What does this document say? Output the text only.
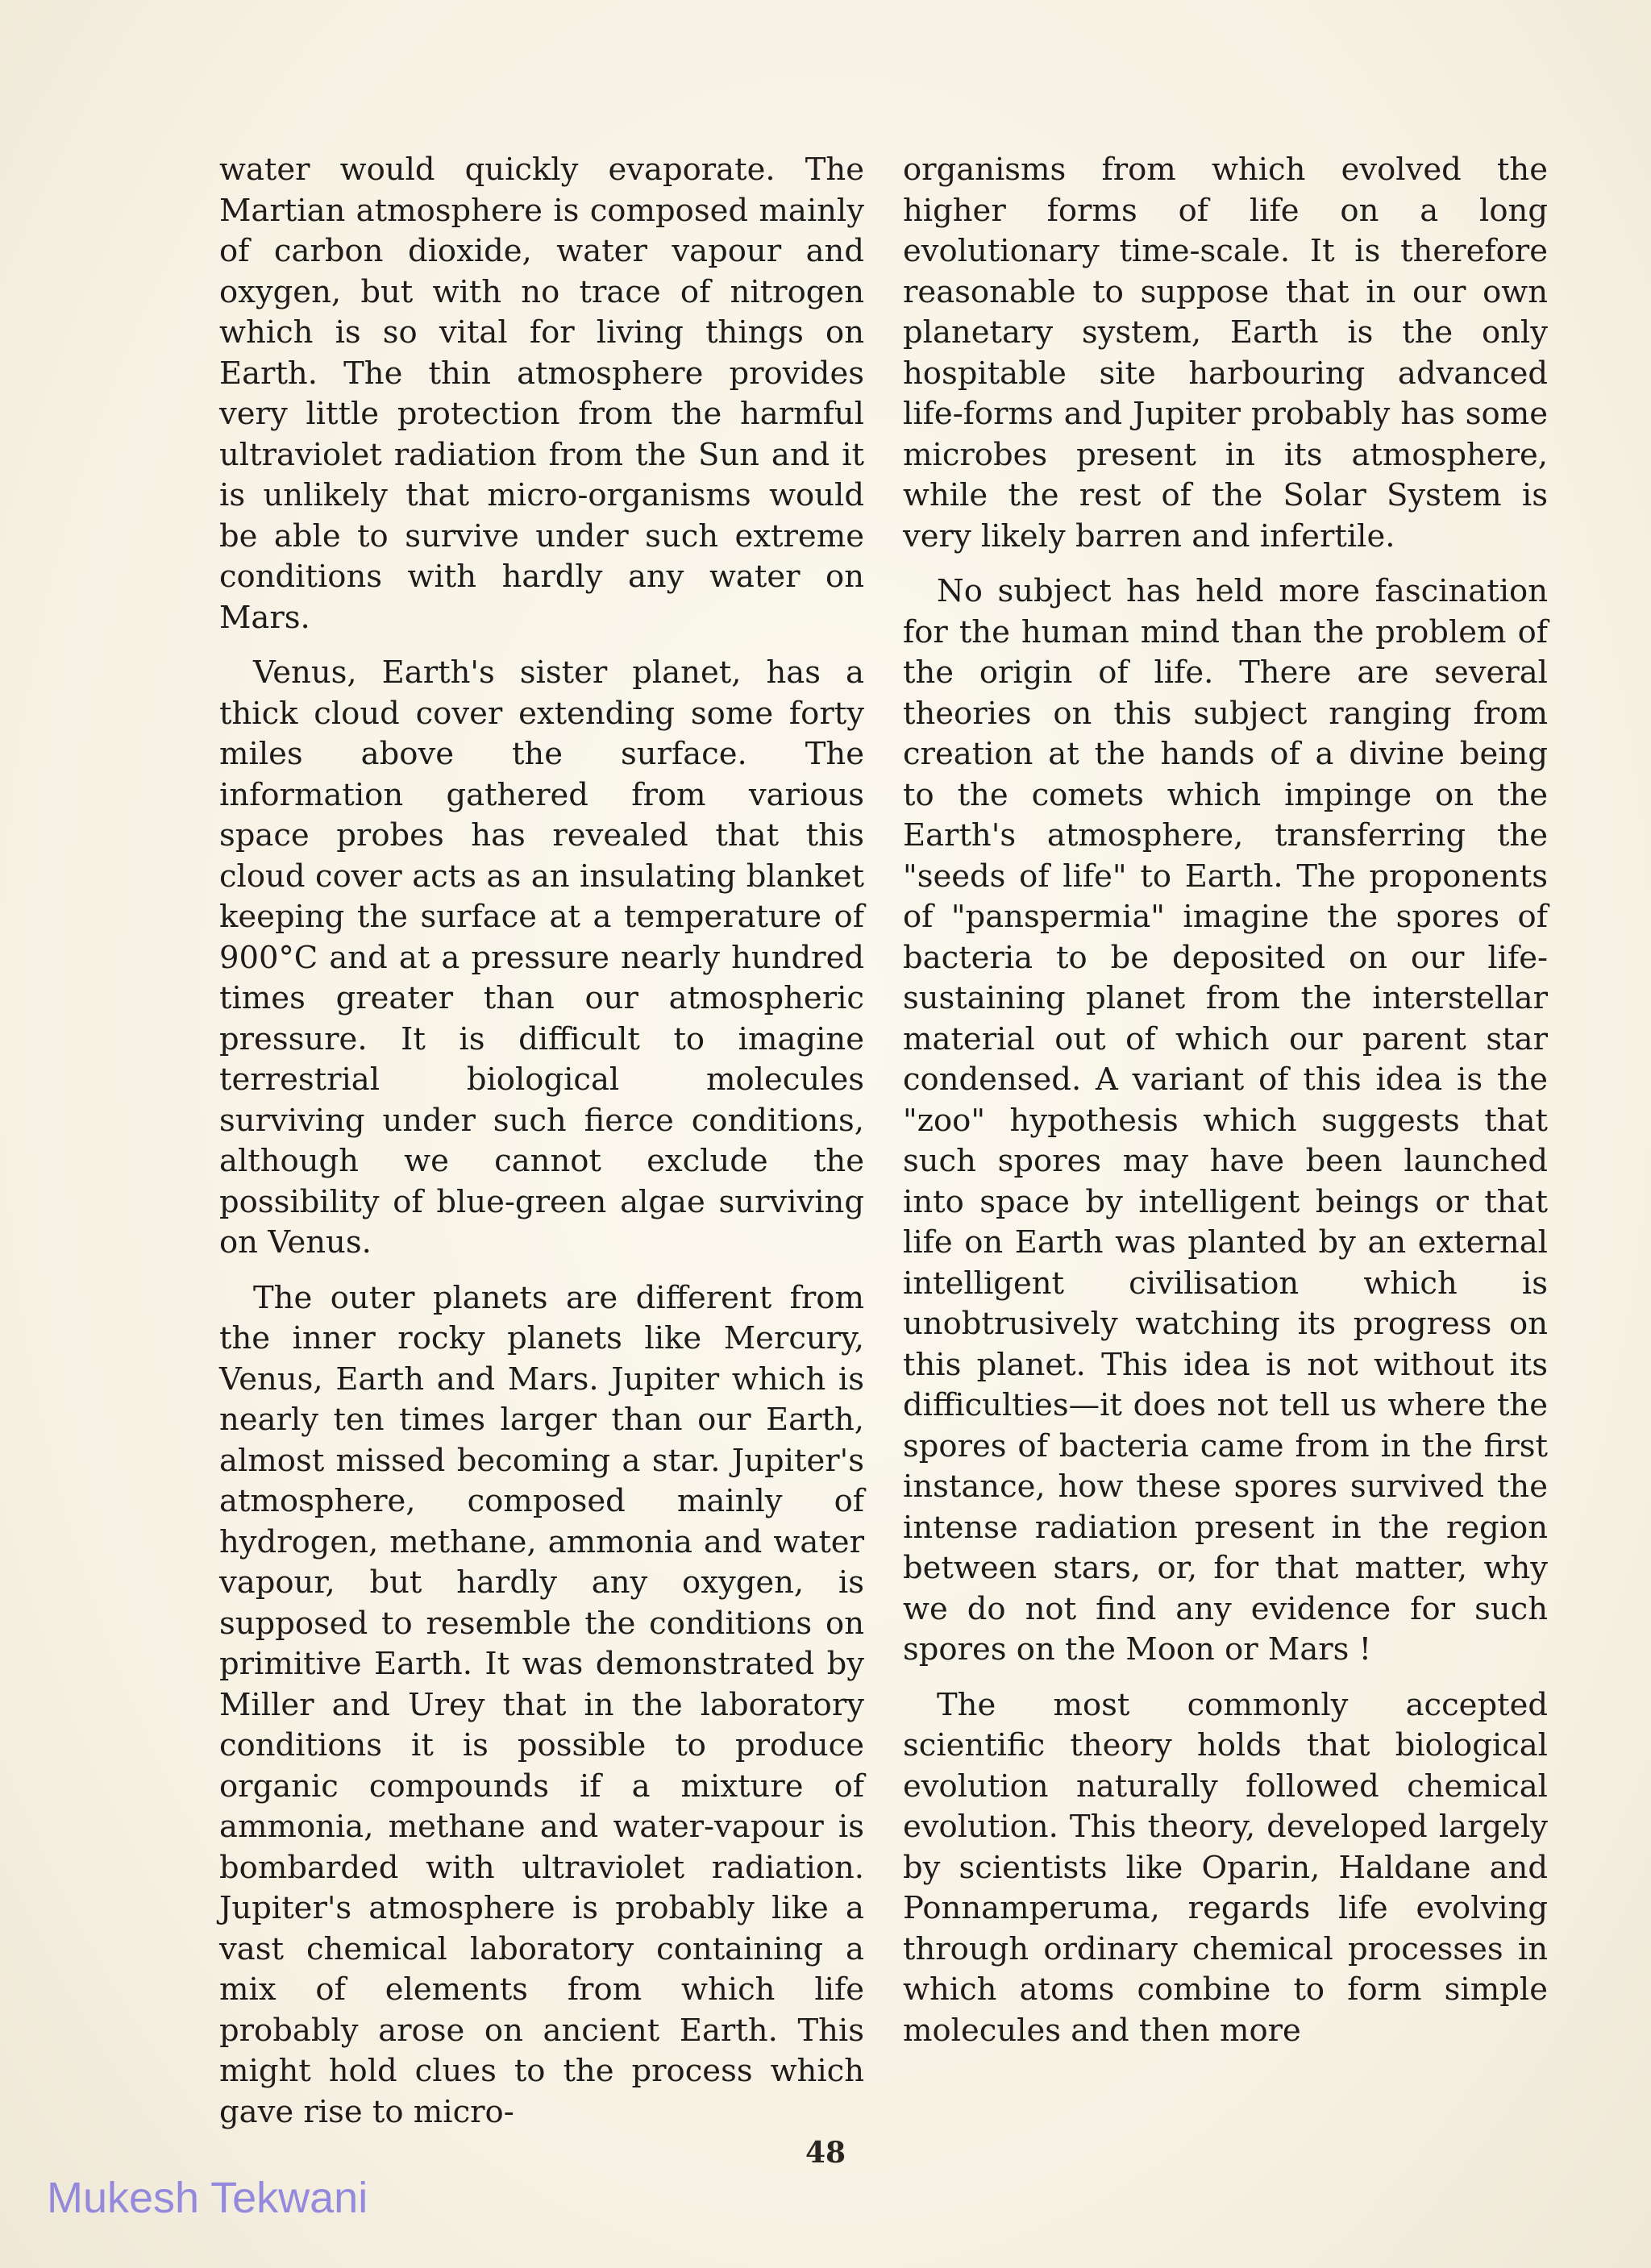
water would quickly evaporate. The Martian atmosphere is composed mainly of carbon dioxide, water vapour and oxygen, but with no trace of nitrogen which is so vital for living things on Earth. The thin atmosphere provides very little protection from the harmful ultraviolet radiation from the Sun and it is unlikely that micro-organisms would be able to survive under such extreme conditions with hardly any water on Mars.

Venus, Earth's sister planet, has a thick cloud cover extending some forty miles above the surface. The information gathered from various space probes has revealed that this cloud cover acts as an insulating blanket keeping the surface at a temperature of 900°C and at a pressure nearly hundred times greater than our atmospheric pressure. It is difficult to imagine terrestrial biological molecules surviving under such fierce conditions, although we cannot exclude the possibility of blue-green algae surviving on Venus.

The outer planets are different from the inner rocky planets like Mercury, Venus, Earth and Mars. Jupiter which is nearly ten times larger than our Earth, almost missed becoming a star. Jupiter's atmosphere, composed mainly of hydrogen, methane, ammonia and water vapour, but hardly any oxygen, is supposed to resemble the conditions on primitive Earth. It was demonstrated by Miller and Urey that in the laboratory conditions it is possible to produce organic compounds if a mixture of ammonia, methane and water-vapour is bombarded with ultraviolet radiation. Jupiter's atmosphere is probably like a vast chemical laboratory containing a mix of elements from which life probably arose on ancient Earth. This might hold clues to the process which gave rise to micro-

organisms from which evolved the higher forms of life on a long evolutionary time-scale. It is therefore reasonable to suppose that in our own planetary system, Earth is the only hospitable site harbouring advanced life-forms and Jupiter probably has some microbes present in its atmosphere, while the rest of the Solar System is very likely barren and infertile.

No subject has held more fascination for the human mind than the problem of the origin of life. There are several theories on this subject ranging from creation at the hands of a divine being to the comets which impinge on the Earth's atmosphere, transferring the "seeds of life" to Earth. The proponents of "panspermia" imagine the spores of bacteria to be deposited on our life-sustaining planet from the interstellar material out of which our parent star condensed. A variant of this idea is the "zoo" hypothesis which suggests that such spores may have been launched into space by intelligent beings or that life on Earth was planted by an external intelligent civilisation which is unobtrusively watching its progress on this planet. This idea is not without its difficulties—it does not tell us where the spores of bacteria came from in the first instance, how these spores survived the intense radiation present in the region between stars, or, for that matter, why we do not find any evidence for such spores on the Moon or Mars !

The most commonly accepted scientific theory holds that biological evolution naturally followed chemical evolution. This theory, developed largely by scientists like Oparin, Haldane and Ponnamperuma, regards life evolving through ordinary chemical processes in which atoms combine to form simple molecules and then more

48
Mukesh Tekwani
